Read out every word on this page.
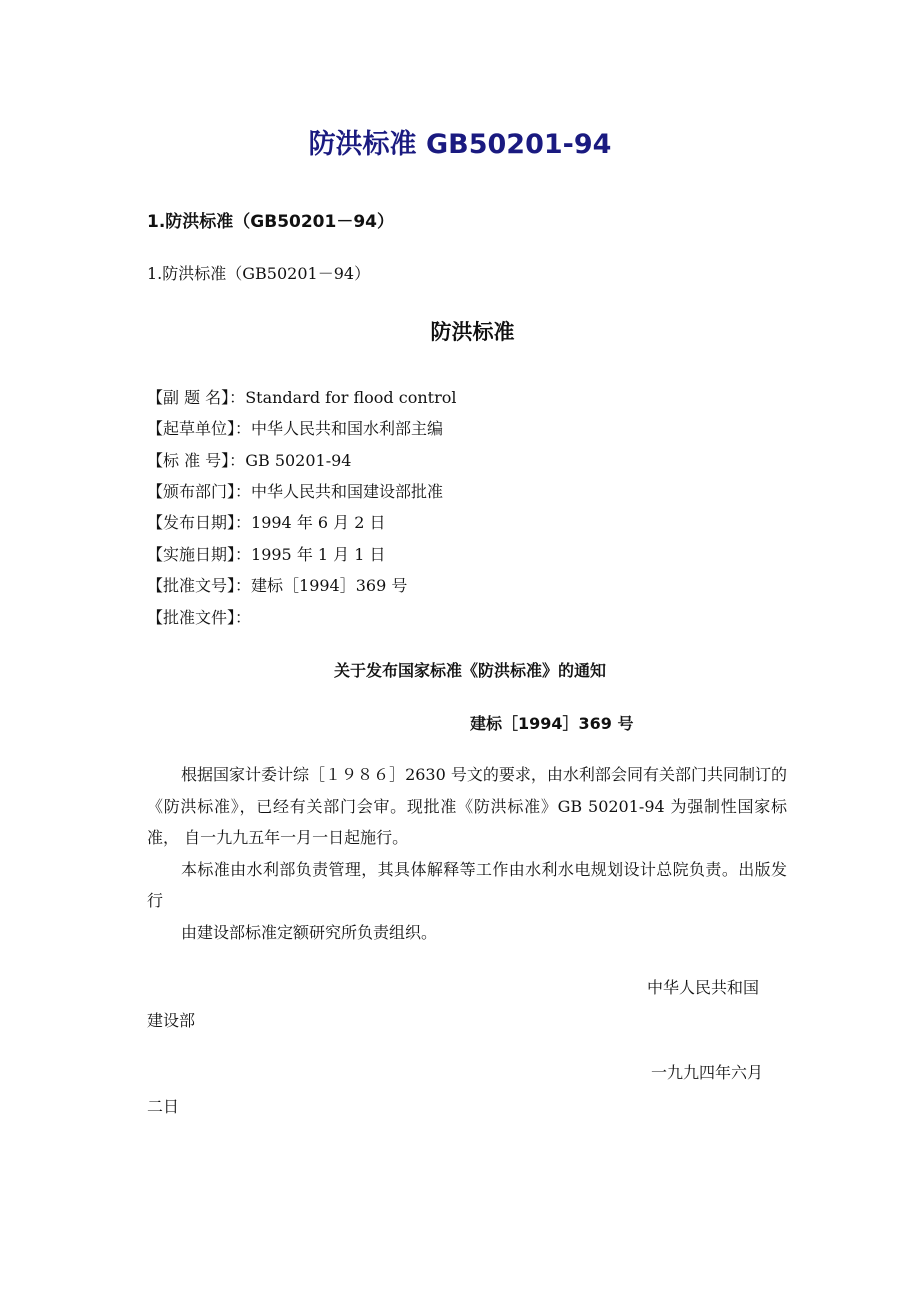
防洪标准 GB50201-94
1.防洪标准（GB50201－94）
1.防洪标准（GB50201－94）
防洪标准
【副 题 名】：Standard for flood control
【起草单位】：中华人民共和国水利部主编
【标 准 号】：GB 50201-94
【颁布部门】：中华人民共和国建设部批准
【发布日期】：1994 年 6 月 2 日
【实施日期】：1995 年 1 月 1 日
【批准文号】：建标［1994］369 号
【批准文件】：
关于发布国家标准《防洪标准》的通知
建标［1994］369 号

根据国家计委计综［１９８６］2630 号文的要求，由水利部会同有关部门共同制订的《防洪标准》，已经有关部门会审。现批准《防洪标准》GB 50201-94 为强制性国家标准， 自一九九五年一月一日起施行。

本标准由水利部负责管理，其具体解释等工作由水利水电规划设计总院负责。出版发行

由建设部标准定额研究所负责组织。

中华人民共和国
建设部
一九九四年六月
二日
